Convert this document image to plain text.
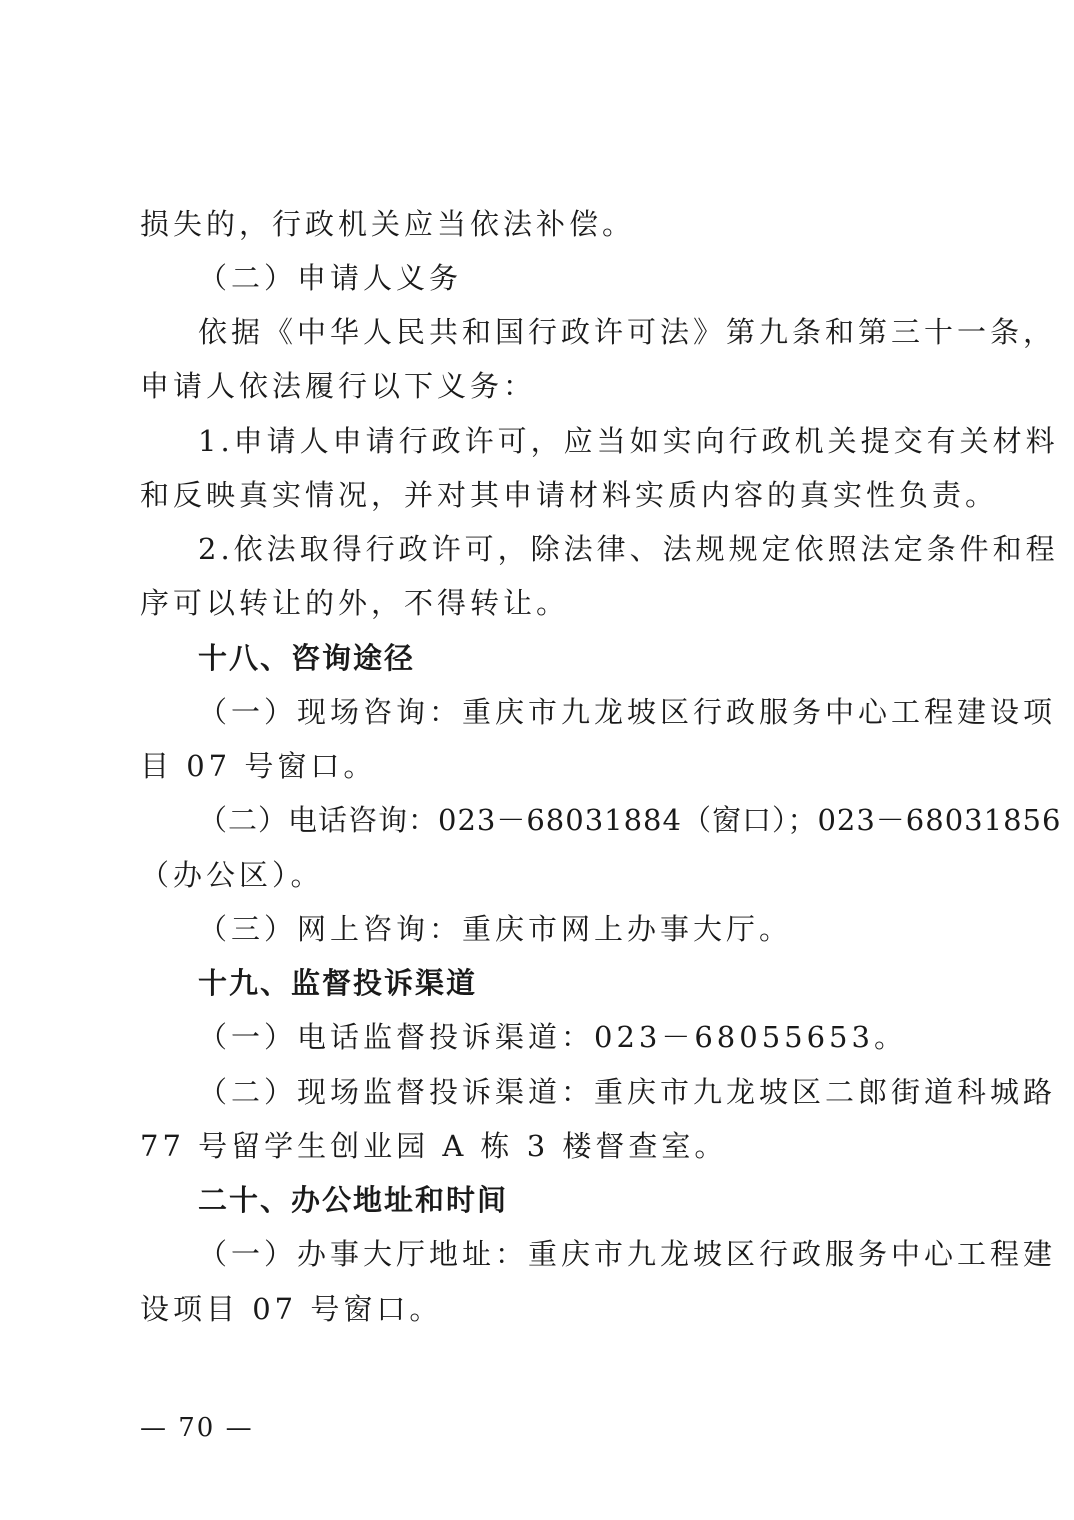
损失的，行政机关应当依法补偿。
（二）申请人义务
依据《中华人民共和国行政许可法》第九条和第三十一条，
申请人依法履行以下义务：
1.申请人申请行政许可，应当如实向行政机关提交有关材料
和反映真实情况，并对其申请材料实质内容的真实性负责。
2.依法取得行政许可，除法律、法规规定依照法定条件和程
序可以转让的外，不得转让。
十八、咨询途径
（一）现场咨询：重庆市九龙坡区行政服务中心工程建设项
目 07 号窗口。
（二）电话咨询：023－68031884（窗口）；023－68031856
（办公区）。
（三）网上咨询：重庆市网上办事大厅。
十九、监督投诉渠道
（一）电话监督投诉渠道：023－68055653。
（二）现场监督投诉渠道：重庆市九龙坡区二郎街道科城路
77 号留学生创业园 A 栋 3 楼督查室。
二十、办公地址和时间
（一）办事大厅地址：重庆市九龙坡区行政服务中心工程建
设项目 07 号窗口。
— 70 —
